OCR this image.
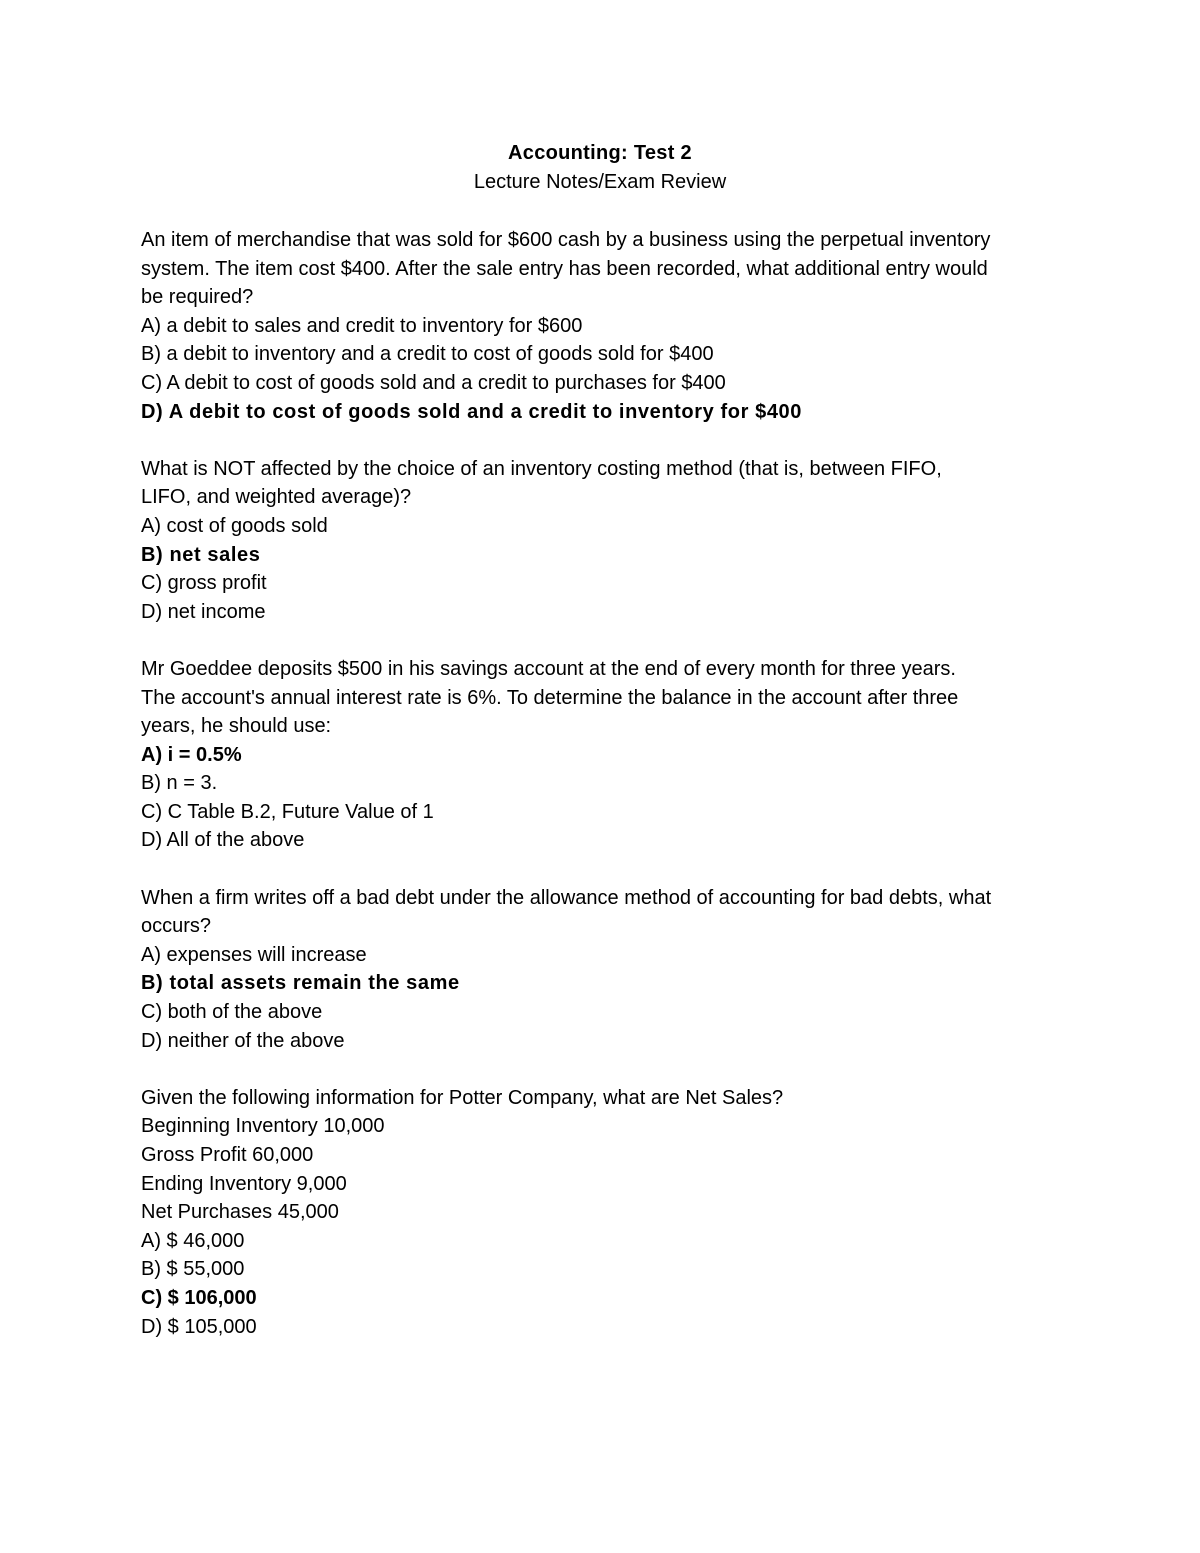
Accounting: Test 2
Lecture Notes/Exam Review
An item of merchandise that was sold for $600 cash by a business using the perpetual inventory
system. The item cost $400. After the sale entry has been recorded, what additional entry would
be required?
A) a debit to sales and credit to inventory for $600
B) a debit to inventory and a credit to cost of goods sold for $400
C) A debit to cost of goods sold and a credit to purchases for $400
D) A debit to cost of goods sold and a credit to inventory for $400
What is NOT affected by the choice of an inventory costing method (that is, between FIFO,
LIFO, and weighted average)?
A) cost of goods sold
B) net sales
C) gross profit
D) net income
Mr Goeddee deposits $500 in his savings account at the end of every month for three years.
The account's annual interest rate is 6%. To determine the balance in the account after three
years, he should use:
A) i = 0.5%
B) n = 3.
C) C Table B.2, Future Value of 1
D) All of the above
When a firm writes off a bad debt under the allowance method of accounting for bad debts, what
occurs?
A) expenses will increase
B) total assets remain the same
C) both of the above
D) neither of the above
Given the following information for Potter Company, what are Net Sales?
Beginning Inventory 10,000
Gross Profit 60,000
Ending Inventory 9,000
Net Purchases 45,000
A) $ 46,000
B) $ 55,000
C) $ 106,000
D) $ 105,000
